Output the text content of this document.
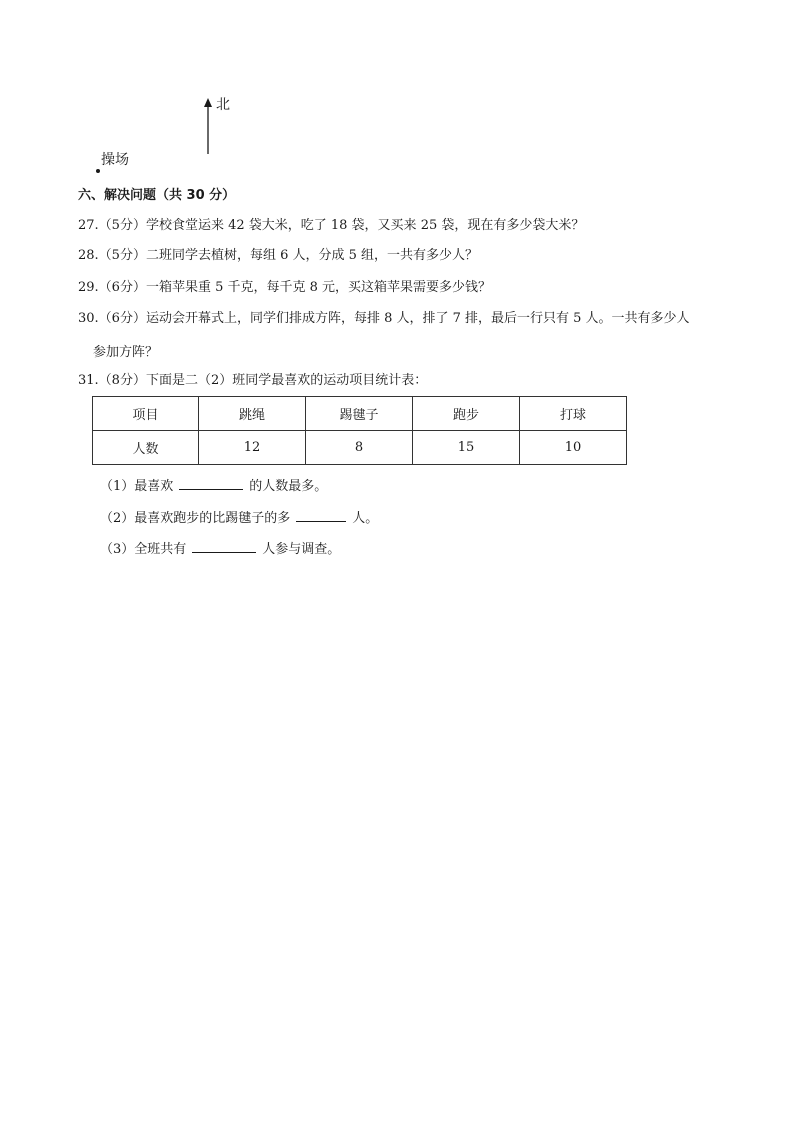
北
操场
六、解决问题（共 30 分）
27.（5分）学校食堂运来 42 袋大米，吃了 18 袋，又买来 25 袋，现在有多少袋大米？
28.（5分）二班同学去植树，每组 6 人，分成 5 组，一共有多少人？
29.（6分）一箱苹果重 5 千克，每千克 8 元，买这箱苹果需要多少钱？
30.（6分）运动会开幕式上，同学们排成方阵，每排 8 人，排了 7 排，最后一行只有 5 人。一共有多少人
参加方阵？
31.（8分）下面是二（2）班同学最喜欢的运动项目统计表：
项目	跳绳	踢毽子	跑步	打球
人数	12	8	15	10
（1）最喜欢	的人数最多。
（2）最喜欢跑步的比踢毽子的多	人。
（3）全班共有	人参与调查。
